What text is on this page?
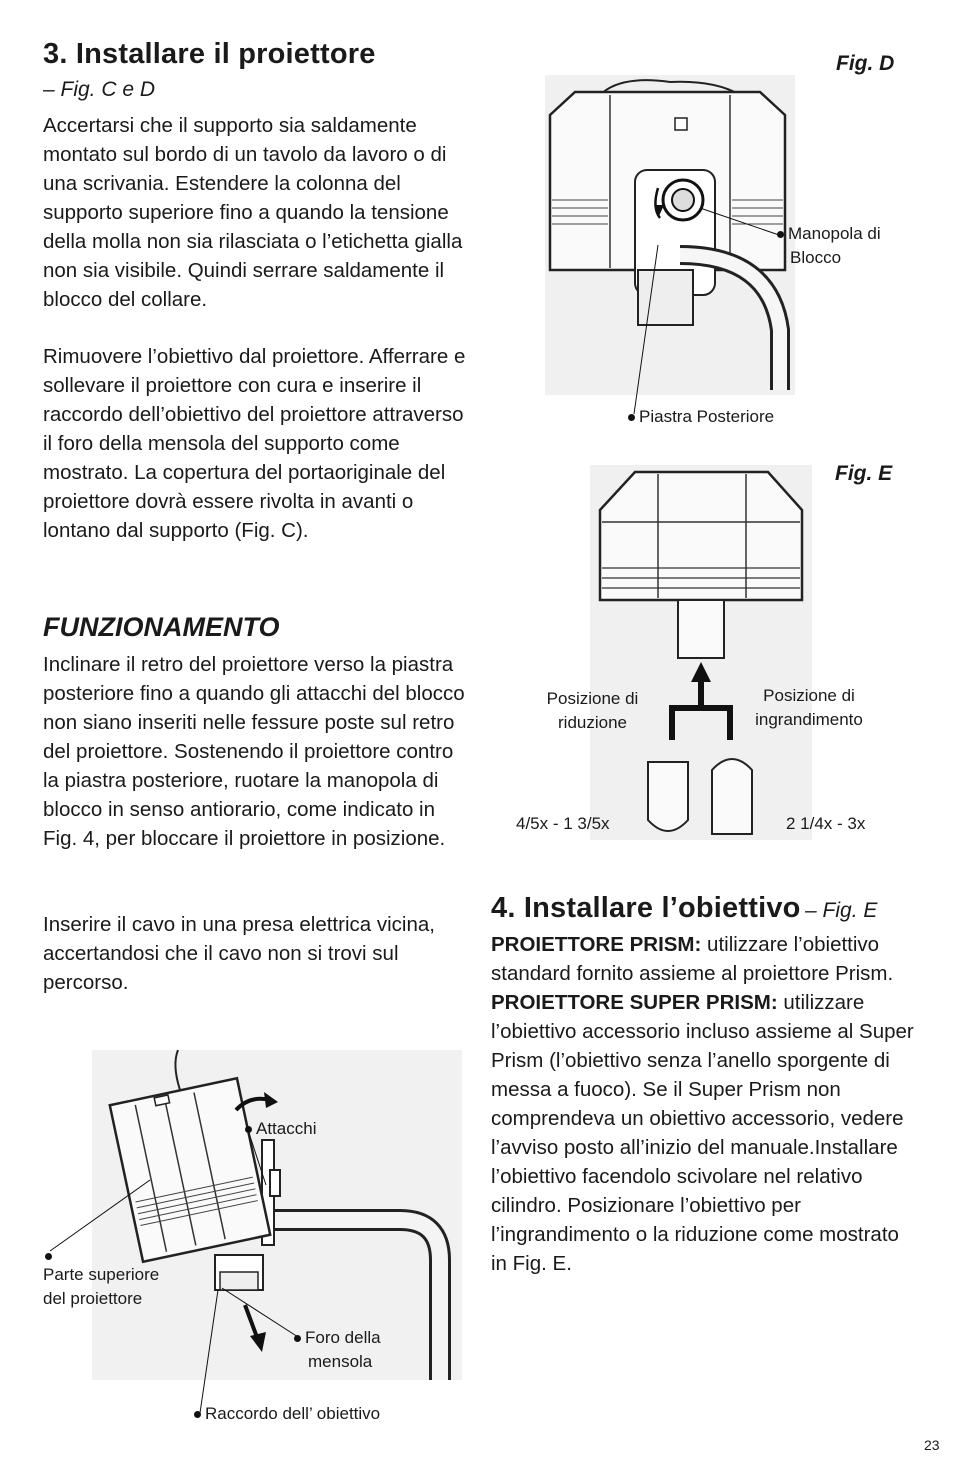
3. Installare il proiettore
– Fig. C e D

Accertarsi che il supporto sia saldamente montato sul bordo di un tavolo da lavoro o di una scrivania. Estendere la colonna del supporto superiore fino a quando la tensione della molla non sia rilasciata o l’etichetta gialla non sia visibile. Quindi serrare saldamente il blocco del collare.

Rimuovere l’obiettivo dal proiettore. Afferrare e sollevare il proiettore con cura e inserire il raccordo dell’obiettivo del proiettore attraverso il foro della mensola del supporto come mostrato. La copertura del portaoriginale del proiettore dovrà essere rivolta in avanti o lontano dal supporto (Fig. C).

FUNZIONAMENTO

Inclinare il retro del proiettore verso la piastra posteriore fino a quando gli attacchi del blocco non siano inseriti nelle fessure poste sul retro del proiettore. Sostenendo il proiettore contro la piastra posteriore, ruotare la manopola di blocco in senso antiorario, come indicato in Fig. 4, per bloccare il proiettore in posizione.

Inserire il cavo in una presa elettrica vicina, accertandosi che il cavo non si trovi sul percorso.

Attacchi
Parte superiore
del proiettore
Foro della
mensola
Raccordo dell’ obiettivo
Fig. D
Manopola di
Blocco
Piastra Posteriore
Fig. E
Posizione di
riduzione
Posizione di
ingrandimento
4/5x - 1 3/5x	2 1/4x - 3x
4. Installare l’obiettivo – Fig. E

PROIETTORE PRISM: utilizzare l’obiettivo standard fornito assieme al proiettore Prism. PROIETTORE SUPER PRISM: utilizzare l’obiettivo accessorio incluso assieme al Super Prism (l’obiettivo senza l’anello sporgente di messa a fuoco). Se il Super Prism non comprendeva un obiettivo accessorio, vedere l’avviso posto all’inizio del manuale.Installare l’obiettivo facendolo scivolare nel relativo cilindro. Posizionare l’obiettivo per l’ingrandimento o la riduzione come mostrato in Fig. E.

23
